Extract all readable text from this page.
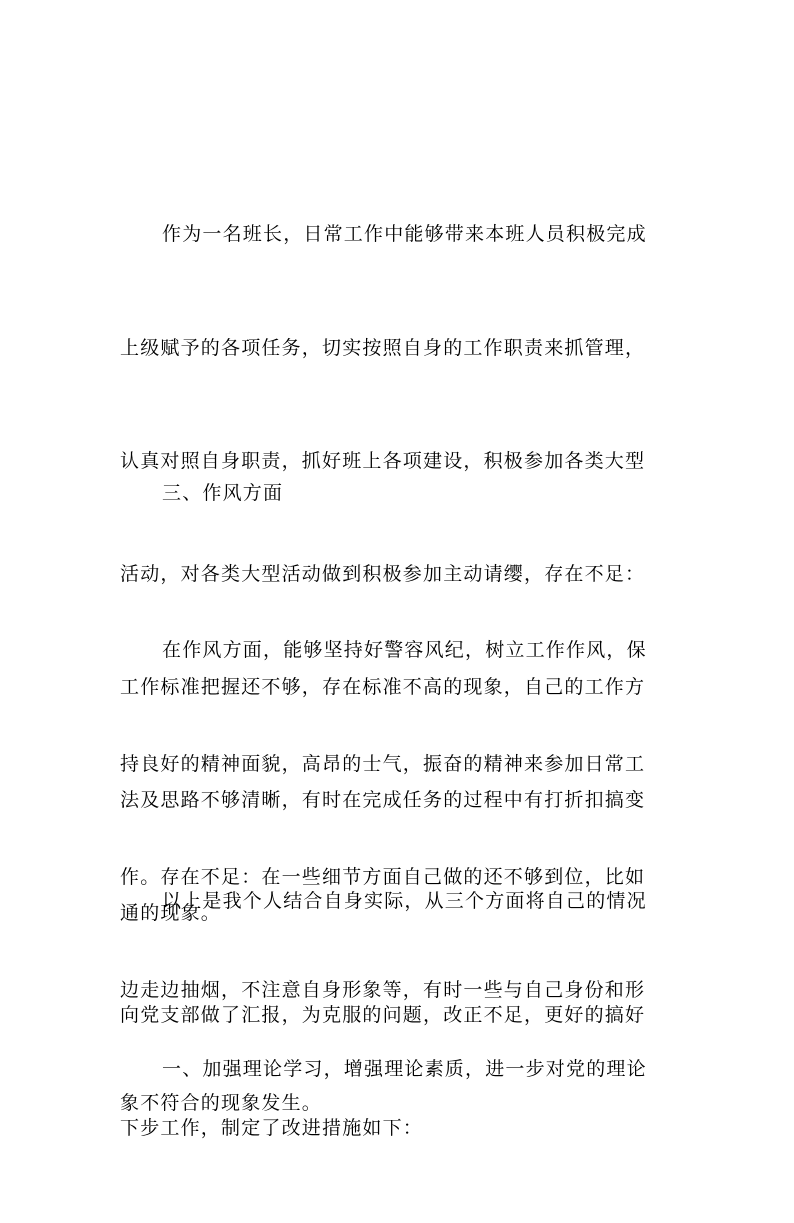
作为一名班长，日常工作中能够带来本班人员积极完成

上级赋予的各项任务，切实按照自身的工作职责来抓管理，

认真对照自身职责，抓好班上各项建设，积极参加各类大型

活动，对各类大型活动做到积极参加主动请缨，存在不足：

工作标准把握还不够，存在标准不高的现象，自己的工作方

法及思路不够清晰，有时在完成任务的过程中有打折扣搞变

通的现象。

三、作风方面

在作风方面，能够坚持好警容风纪，树立工作作风，保

持良好的精神面貌，高昂的士气，振奋的精神来参加日常工

作。存在不足：在一些细节方面自己做的还不够到位，比如

边走边抽烟，不注意自身形象等，有时一些与自己身份和形

象不符合的现象发生。

以上是我个人结合自身实际，从三个方面将自己的情况

向党支部做了汇报，为克服的问题，改正不足，更好的搞好

下步工作，制定了改进措施如下：

一、加强理论学习，增强理论素质，进一步对党的理论
